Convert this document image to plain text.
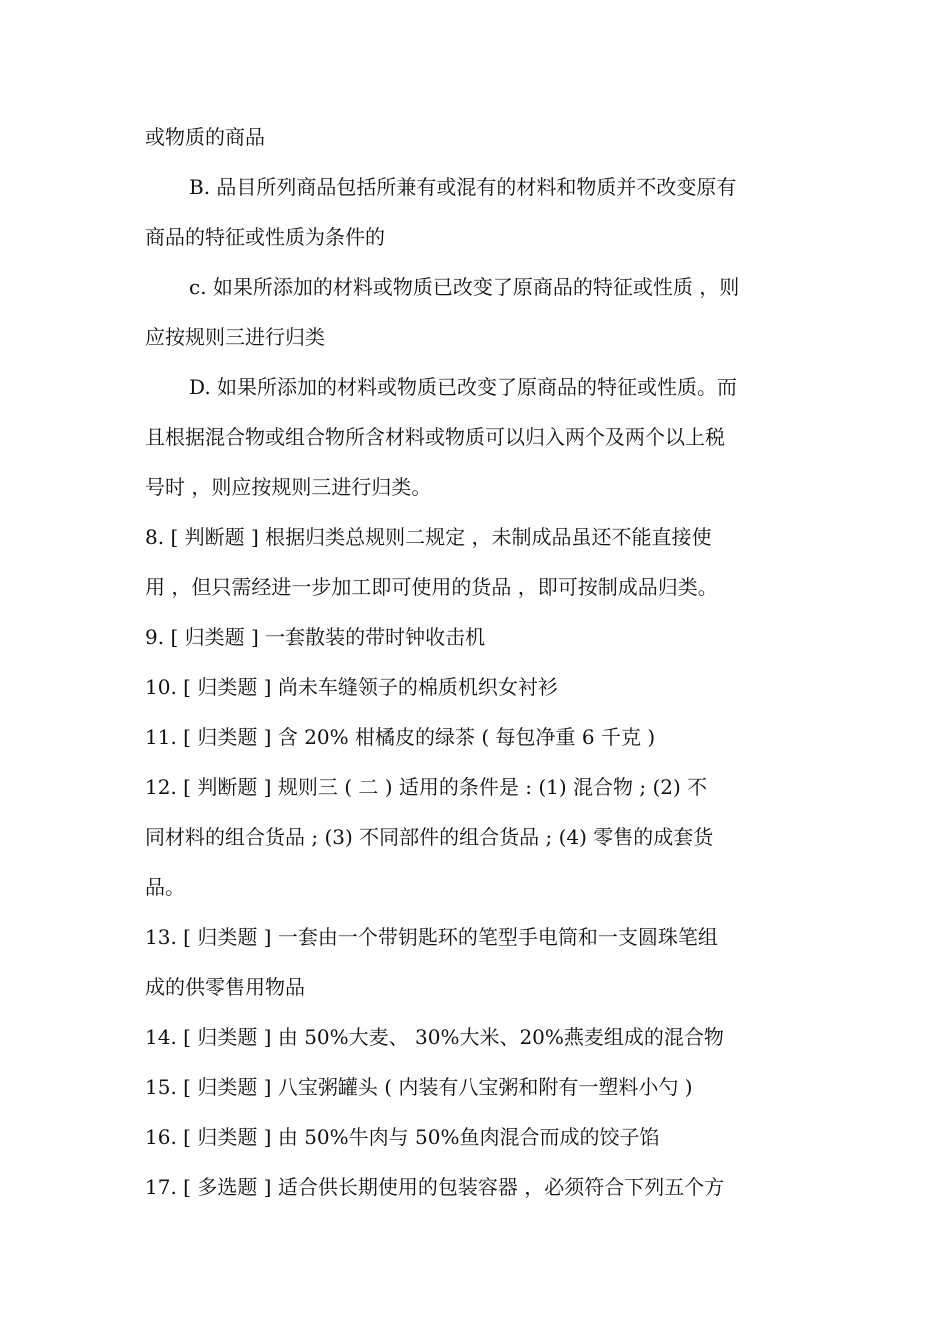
或物质的商品
B. 品目所列商品包括所兼有或混有的材料和物质并不改变原有
商品的特征或性质为条件的
c. 如果所添加的材料或物质已改变了原商品的特征或性质 ，则
应按规则三进行归类
D. 如果所添加的材料或物质已改变了原商品的特征或性质。而
且根据混合物或组合物所含材料或物质可以归入两个及两个以上税
号时 ，则应按规则三进行归类。
8. [ 判断题 ] 根据归类总规则二规定 ，未制成品虽还不能直接使
用 ，但只需经进一步加工即可使用的货品 ，即可按制成品归类。
9. [ 归类题 ] 一套散装的带时钟收击机
10. [ 归类题 ] 尚未车缝领子的棉质机织女衬衫
11. [ 归类题 ] 含 20% 柑橘皮的绿茶 ( 每包净重 6 千克 )
12. [ 判断题 ] 规则三 ( 二 ) 适用的条件是 : (1) 混合物 ; (2) 不
同材料的组合货品 ; (3) 不同部件的组合货品 ; (4) 零售的成套货
品。
13. [ 归类题 ] 一套由一个带钥匙环的笔型手电筒和一支圆珠笔组
成的供零售用物品
14. [ 归类题 ] 由 50%大麦、 30%大米、20%燕麦组成的混合物
15. [ 归类题 ] 八宝粥罐头 ( 内装有八宝粥和附有一塑料小勺 )
16. [ 归类题 ] 由 50%牛肉与 50%鱼肉混合而成的饺子馅
17. [ 多选题 ] 适合供长期使用的包装容器 ，必须符合下列五个方
